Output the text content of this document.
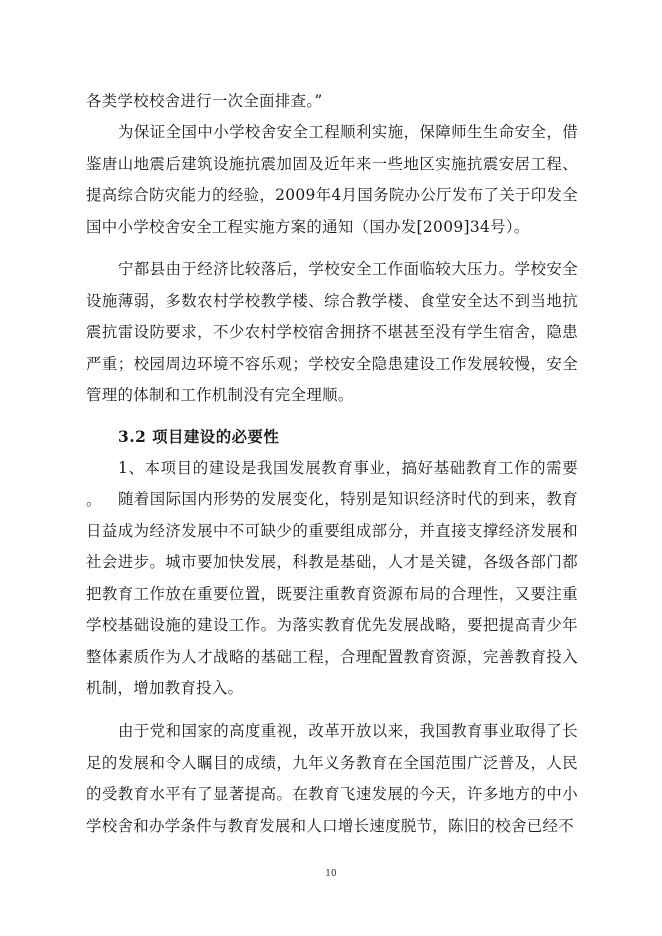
各类学校校舍进行一次全面排查。”

为保证全国中小学校舍安全工程顺利实施，保障师生生命安全，借鉴唐山地震后建筑设施抗震加固及近年来一些地区实施抗震安居工程、提高综合防灾能力的经验，2009年4月国务院办公厅发布了关于印发全国中小学校舍安全工程实施方案的通知（国办发[2009]34号）。

宁都县由于经济比较落后，学校安全工作面临较大压力。学校安全设施薄弱，多数农村学校教学楼、综合教学楼、食堂安全达不到当地抗震抗雷设防要求，不少农村学校宿舍拥挤不堪甚至没有学生宿舍，隐患严重；校园周边环境不容乐观；学校安全隐患建设工作发展较慢，安全管理的体制和工作机制没有完全理顺。

3.2 项目建设的必要性

1、本项目的建设是我国发展教育事业，搞好基础教育工作的需要。	随着国际国内形势的发展变化，特别是知识经济时代的到来，教育日益成为经济发展中不可缺少的重要组成部分，并直接支撑经济发展和社会进步。城市要加快发展，科教是基础，人才是关键，各级各部门都把教育工作放在重要位置，既要注重教育资源布局的合理性，又要注重学校基础设施的建设工作。为落实教育优先发展战略，要把提高青少年整体素质作为人才战略的基础工程，合理配置教育资源，完善教育投入机制，增加教育投入。

由于党和国家的高度重视，改革开放以来，我国教育事业取得了长足的发展和令人瞩目的成绩，九年义务教育在全国范围广泛普及，人民的受教育水平有了显著提高。在教育飞速发展的今天，许多地方的中小学校舍和办学条件与教育发展和人口增长速度脱节，陈旧的校舍已经不

10
